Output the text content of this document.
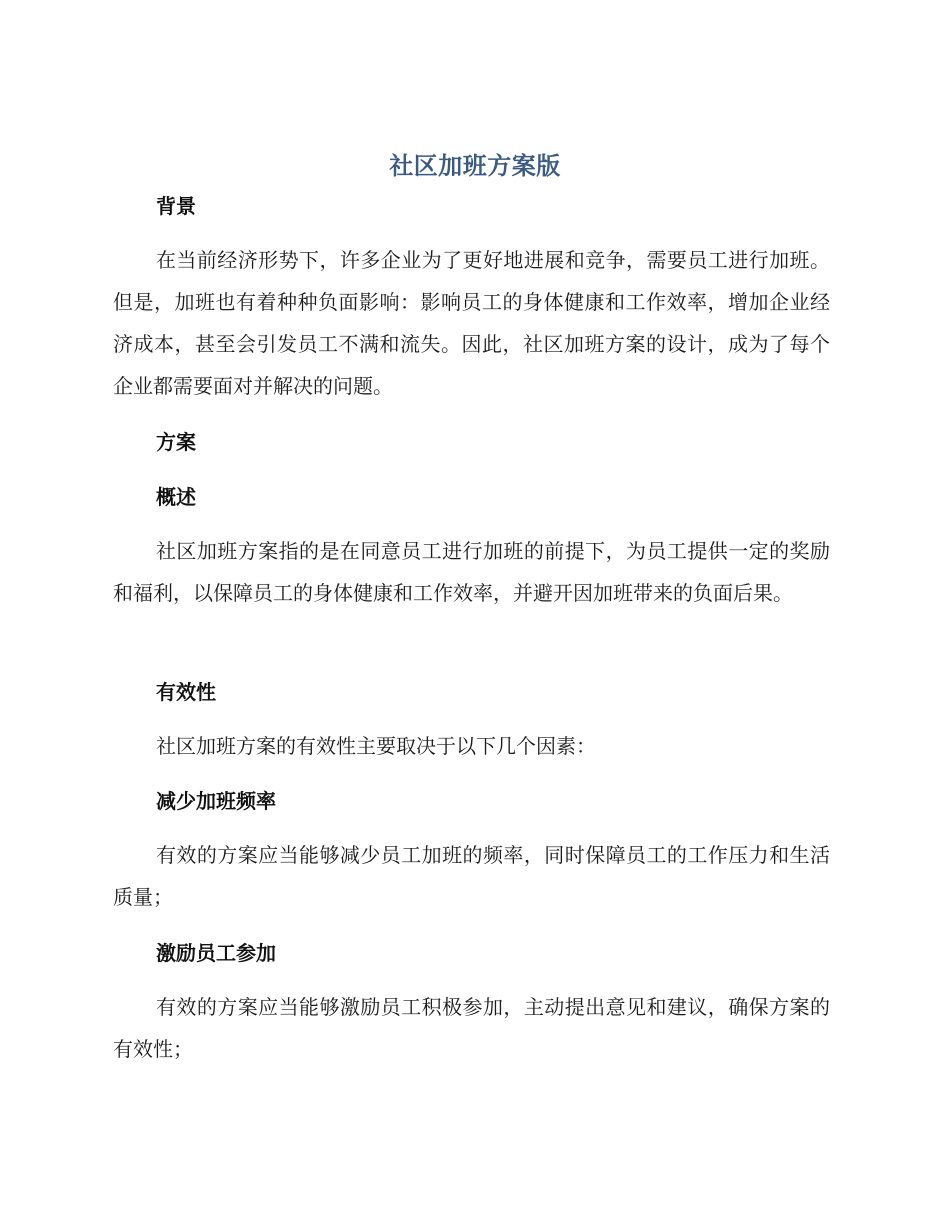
社区加班方案版
背景
在当前经济形势下，许多企业为了更好地进展和竞争，需要员工进行加班。但是，加班也有着种种负面影响：影响员工的身体健康和工作效率，增加企业经济成本，甚至会引发员工不满和流失。因此，社区加班方案的设计，成为了每个企业都需要面对并解决的问题。
方案
概述
社区加班方案指的是在同意员工进行加班的前提下，为员工提供一定的奖励和福利，以保障员工的身体健康和工作效率，并避开因加班带来的负面后果。
有效性
社区加班方案的有效性主要取决于以下几个因素：
减少加班频率
有效的方案应当能够减少员工加班的频率，同时保障员工的工作压力和生活质量；
激励员工参加
有效的方案应当能够激励员工积极参加，主动提出意见和建议，确保方案的有效性；
